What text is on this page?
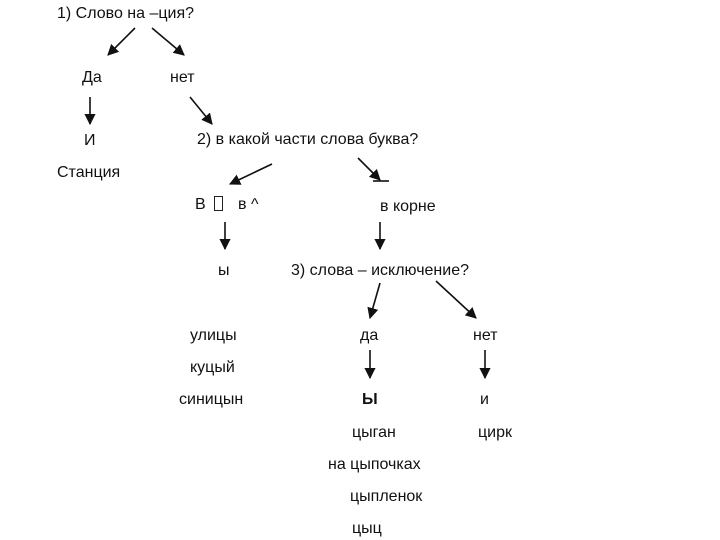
1) Слово на –ция?
Да	нет
И
Станция
2) в какой части слова буква?
В в ^	в корне
ы	3) слова – исключение?
улицы
куцый
синицын
да	нет
Ы	и
цыган	цирк
на цыпочках
цыпленок
цыц
